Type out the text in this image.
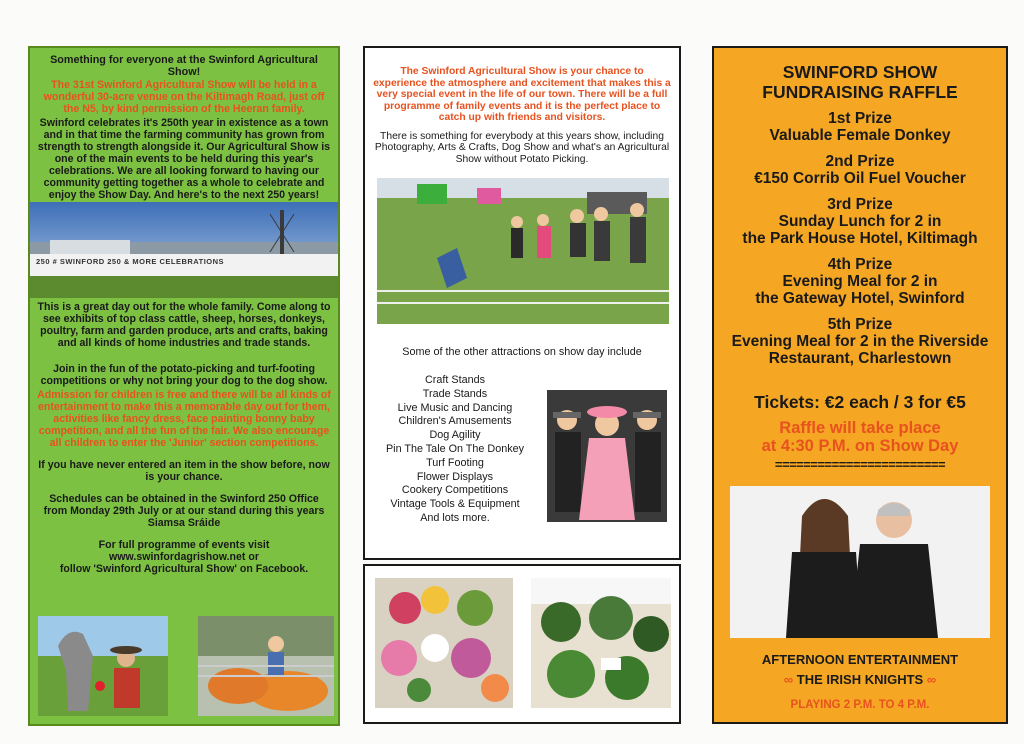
Something for everyone at the Swinford Agricultural Show!

The 31st Swinford Agricultural Show will be held in a wonderful 30-acre venue on the Kiltimagh Road, just off the N5, by kind permission of the Heeran family.

Swinford celebrates it's 250th year in existence as a town and in that time the farming community has grown from strength to strength alongside it. Our Agricultural Show is one of the main events to be held during this year's celebrations. We are all looking forward to having our community getting together as a whole to celebrate and enjoy the Show Day. And here's to the next 250 years!

250 # SWINFORD 250 & MORE CELEBRATIONS

This is a great day out for the whole family. Come along to see exhibits of top class cattle, sheep, horses, donkeys, poultry, farm and garden produce, arts and crafts, baking and all kinds of home industries and trade stands.

Join in the fun of the potato-picking and turf-footing competitions or why not bring your dog to the dog show.

Admission for children is free and there will be all kinds of entertainment to make this a memorable day out for them, activities like fancy dress, face painting bonny baby competition, and all the fun of the fair. We also encourage all children to enter the 'Junior' section competitions.

If you have never entered an item in the show before, now is your chance.

Schedules can be obtained in the Swinford 250 Office from Monday 29th July or at our stand during this years Siamsa Sráide

For full programme of events visit

www.swinfordagrishow.net or

follow 'Swinford Agricultural Show' on Facebook.

The Swinford Agricultural Show is your chance to experience the atmosphere and excitement that makes this a very special event in the life of our town. There will be a full programme of family events and it is the perfect place to catch up with friends and visitors.

There is something for everybody at this years show, including Photography, Arts & Crafts, Dog Show and what's an Agricultural Show without Potato Picking.

Some of the other attractions on show day include

Craft Stands
Trade Stands
Live Music and Dancing
Children's Amusements
Dog Agility
Pin The Tale On The Donkey
Turf Footing
Flower Displays
Cookery Competitions
Vintage Tools & Equipment
And lots more.

SWINFORD SHOW

FUNDRAISING RAFFLE

1st Prize

Valuable Female Donkey

2nd Prize

€150 Corrib Oil Fuel Voucher

3rd Prize

Sunday Lunch for 2 in

the Park House Hotel, Kiltimagh

4th Prize

Evening Meal for 2 in

the Gateway Hotel, Swinford

5th Prize

Evening Meal for 2 in the Riverside

Restaurant, Charlestown

Tickets: €2 each / 3 for €5

Raffle will take place

at 4:30 P.M. on Show Day

========================

AFTERNOON ENTERTAINMENT

∞ THE IRISH KNIGHTS ∞

PLAYING 2 P.M. TO 4 P.M.
